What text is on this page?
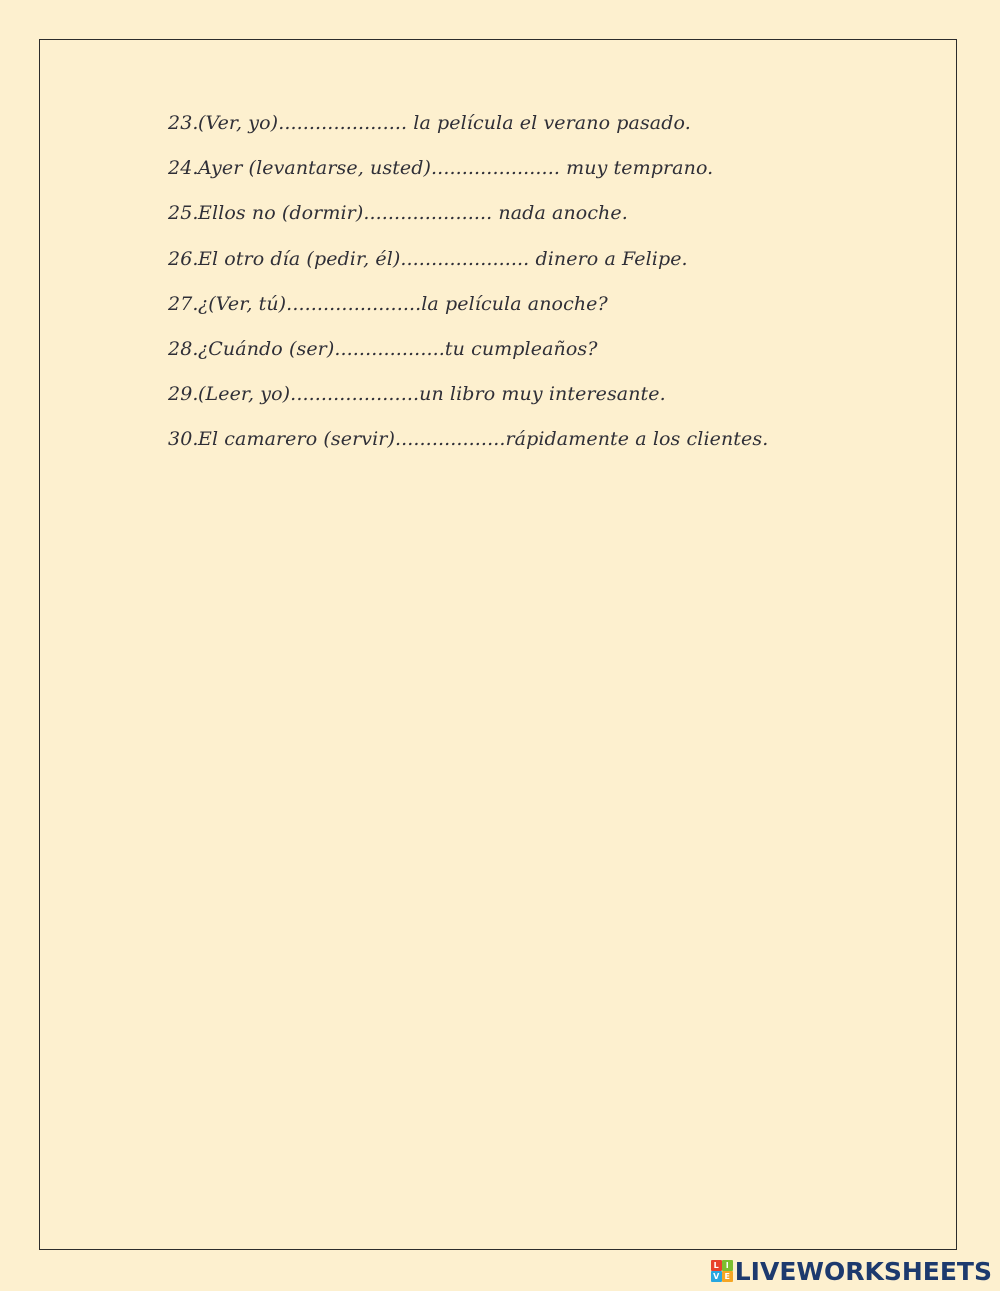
23. (Ver, yo)..................... la película el verano pasado.
24. Ayer (levantarse, usted)..................... muy temprano.
25. Ellos no (dormir)..................... nada anoche.
26. El otro día (pedir, él)..................... dinero a Felipe.
27. ¿(Ver, tú)......................la película anoche?
28. ¿Cuándo (ser)..................tu cumpleaños?
29. (Leer, yo).....................un libro muy interesante.
30. El camarero (servir)..................rápidamente a los clientes.
L I
V E LIVEWORKSHEETS
